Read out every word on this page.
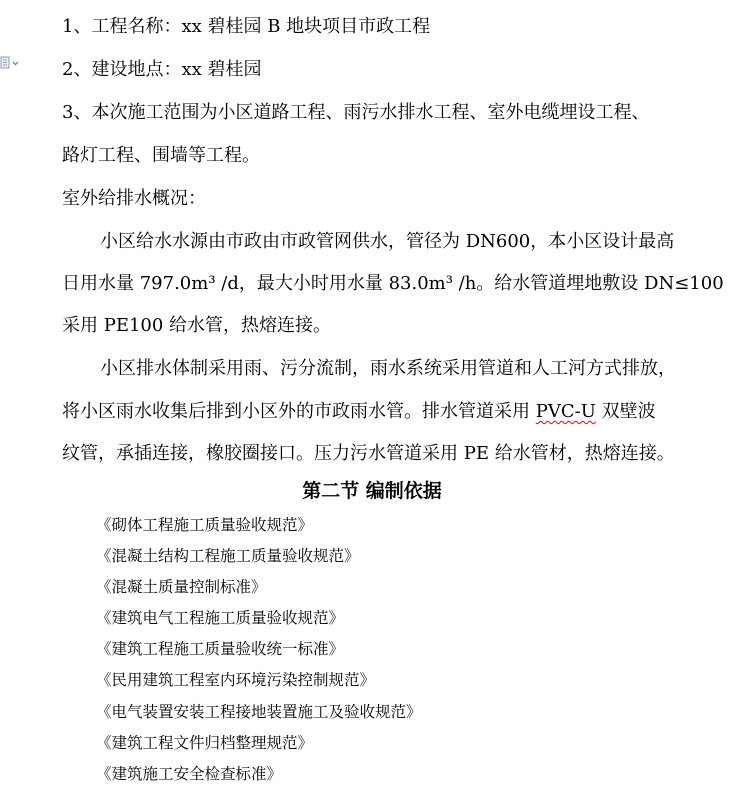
1、工程名称：xx 碧桂园 B 地块项目市政工程
2、建设地点：xx 碧桂园
3、本次施工范围为小区道路工程、雨污水排水工程、室外电缆埋设工程、
路灯工程、围墙等工程。
室外给排水概况：
小区给水水源由市政由市政管网供水，管径为 DN600，本小区设计最高
日用水量 797.0m³ /d，最大小时用水量 83.0m³ /h。给水管道埋地敷设 DN≤100
采用 PE100 给水管，热熔连接。
小区排水体制采用雨、污分流制，雨水系统采用管道和人工河方式排放，
将小区雨水收集后排到小区外的市政雨水管。排水管道采用 PVC-U 双壁波
纹管，承插连接，橡胶圈接口。压力污水管道采用 PE 给水管材，热熔连接。
第二节 编制依据
《砌体工程施工质量验收规范》
《混凝土结构工程施工质量验收规范》
《混凝土质量控制标准》
《建筑电气工程施工质量验收规范》
《建筑工程施工质量验收统一标准》
《民用建筑工程室内环境污染控制规范》
《电气装置安装工程接地装置施工及验收规范》
《建筑工程文件归档整理规范》
《建筑施工安全检查标准》
